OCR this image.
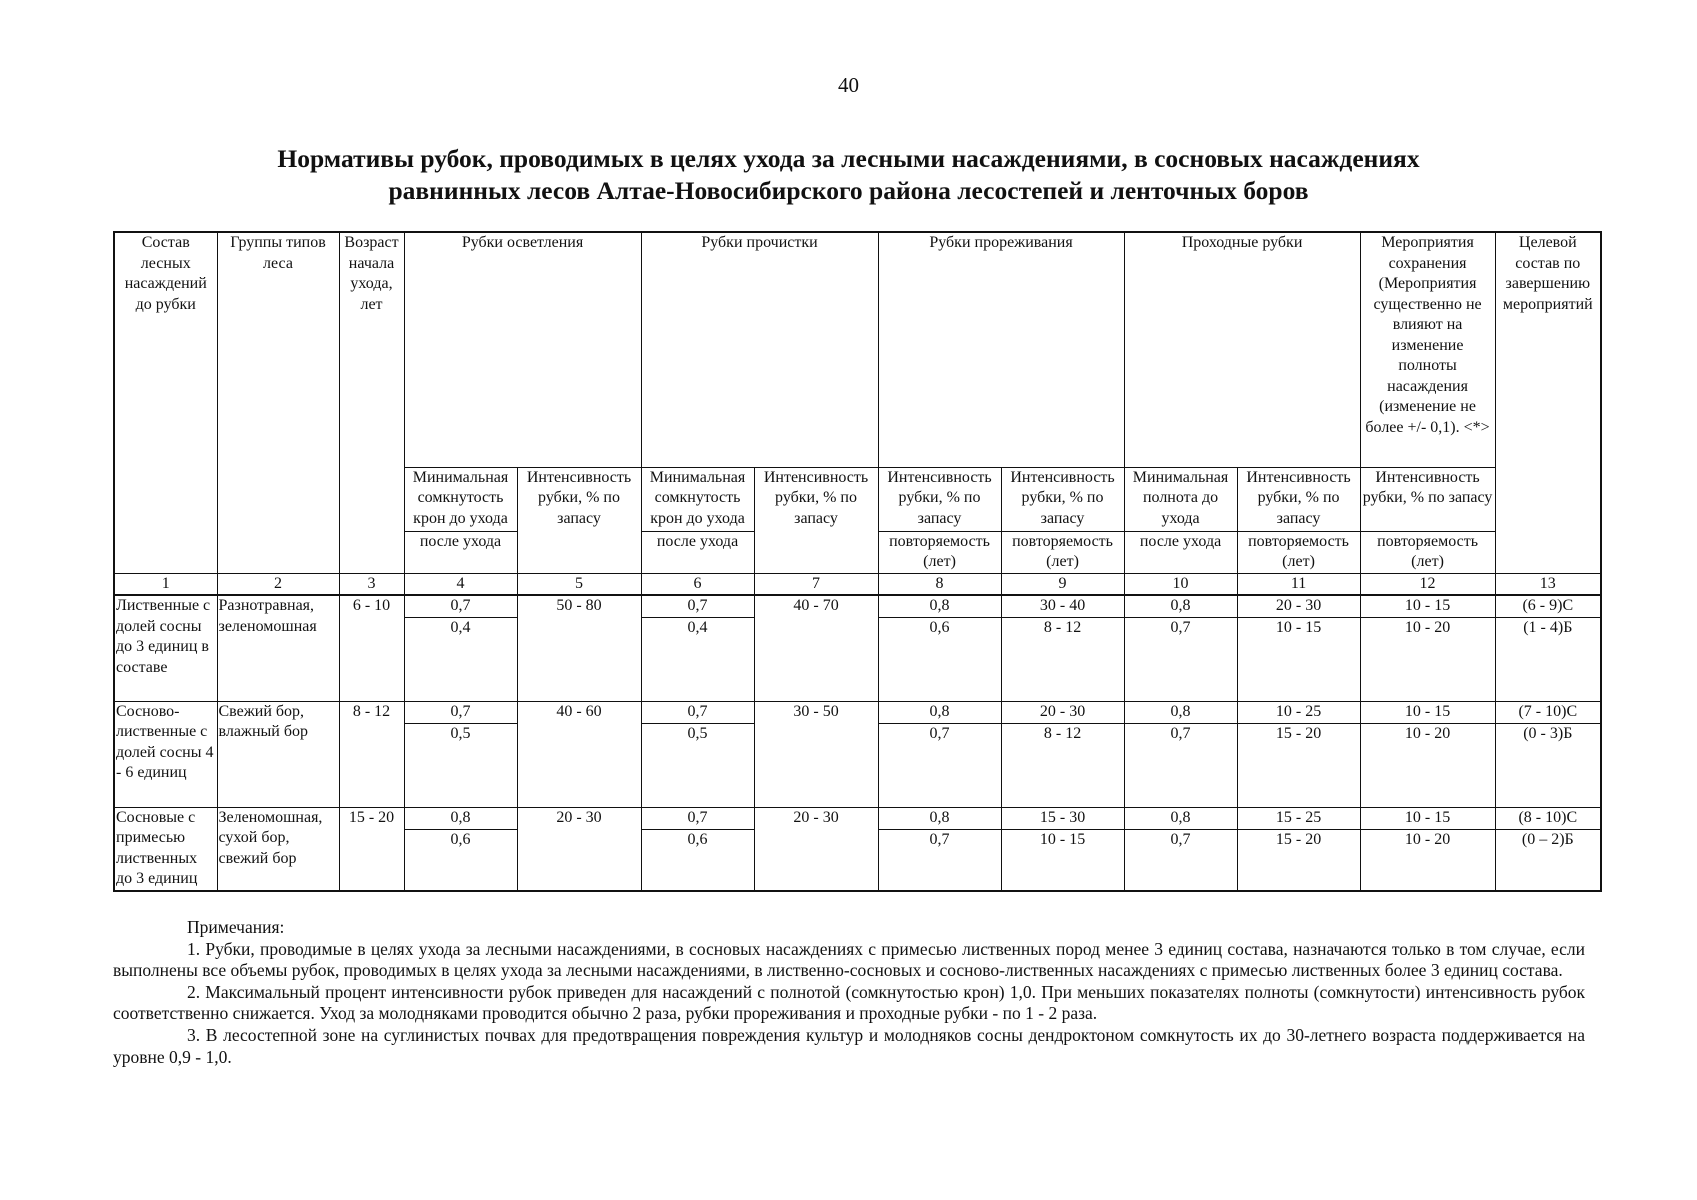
40
Нормативы рубок, проводимых в целях ухода за лесными насаждениями, в сосновых насаждениях
равнинных лесов Алтае-Новосибирского района лесостепей и ленточных боров
Состав лесных насаждений до рубки	Группы типов леса	Возраст начала ухода, лет	Рубки осветления		Рубки прочистки		Рубки прореживания		Проходные рубки		Мероприятия сохранения (Мероприятия существенно не влияют на изменение полноты насаждения (изменение не более +/- 0,1). <*>	Целевой состав по завершению мероприятий
			Минимальная сомкнутость крон до ухода	Интенсивность рубки, % по запасу	Минимальная сомкнутость крон до ухода	Интенсивность рубки, % по запасу	Интенсивность рубки, % по запасу	Интенсивность рубки, % по запасу	Минимальная полнота до ухода	Интенсивность рубки, % по запасу	Интенсивность рубки, % по запасу	
			после ухода		после ухода		повторяемость (лет)	повторяемость (лет)	после ухода	повторяемость (лет)	повторяемость (лет)	
1	2	3	4	5	6	7	8	9	10	11	12	13
Лиственные с долей сосны до 3 единиц в составе	Разнотравная, зеленомошная	6 - 10	0,7	50 - 80	0,7	40 - 70	0,8	30 - 40	0,8	20 - 30	10 - 15	(6 - 9)С
			0,4		0,4		0,6	8 - 12	0,7	10 - 15	10 - 20	(1 - 4)Б
Сосново-лиственные с долей сосны 4 - 6 единиц	Свежий бор, влажный бор	8 - 12	0,7	40 - 60	0,7	30 - 50	0,8	20 - 30	0,8	10 - 25	10 - 15	(7 - 10)С
			0,5		0,5		0,7	8 - 12	0,7	15 - 20	10 - 20	(0 - 3)Б
Сосновые с примесью лиственных до 3 единиц	Зеленомошная, сухой бор, свежий бор	15 - 20	0,8	20 - 30	0,7	20 - 30	0,8	15 - 30	0,8	15 - 25	10 - 15	(8 - 10)С
			0,6		0,6		0,7	10 - 15	0,7	15 - 20	10 - 20	(0 – 2)Б

Примечания:

1. Рубки, проводимые в целях ухода за лесными насаждениями, в сосновых насаждениях с примесью лиственных пород менее 3 единиц состава, назначаются только в том случае, если выполнены все объемы рубок, проводимых в целях ухода за лесными насаждениями, в лиственно-сосновых и сосново-лиственных насаждениях с примесью лиственных более 3 единиц состава.

2. Максимальный процент интенсивности рубок приведен для насаждений с полнотой (сомкнутостью крон) 1,0. При меньших показателях полноты (сомкнутости) интенсивность рубок соответственно снижается. Уход за молодняками проводится обычно 2 раза, рубки прореживания и проходные рубки - по 1 - 2 раза.

3. В лесостепной зоне на суглинистых почвах для предотвращения повреждения культур и молодняков сосны дендроктоном сомкнутость их до 30-летнего возраста поддерживается на уровне 0,9 - 1,0.
